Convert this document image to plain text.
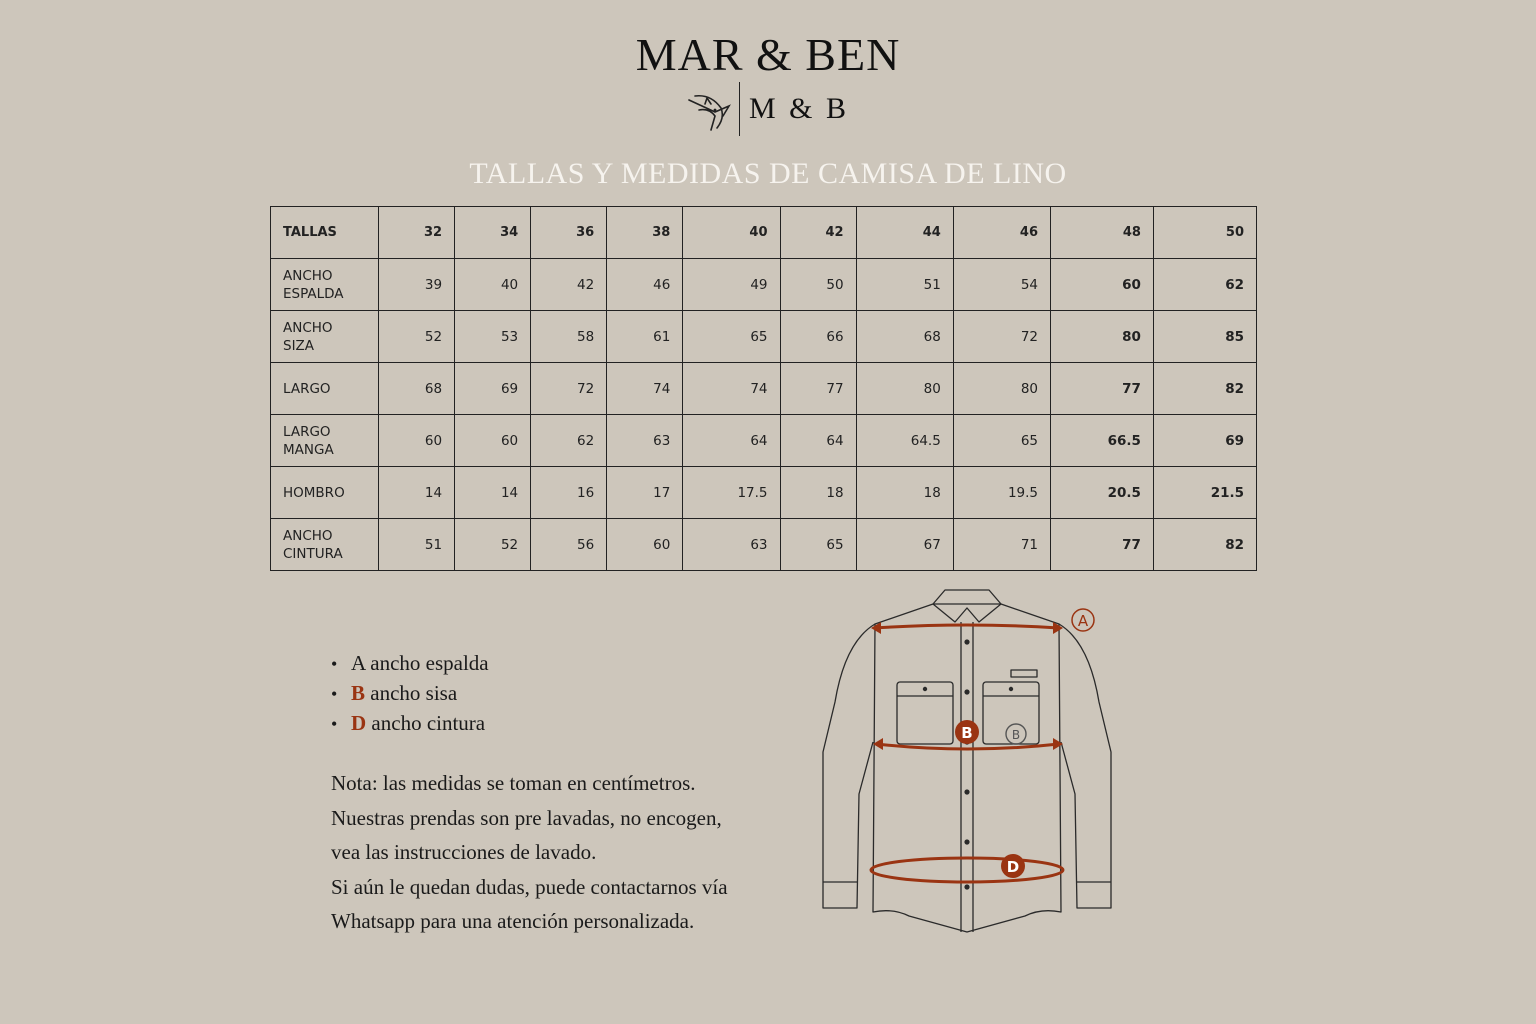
MAR & BEN
M & B
TALLAS Y MEDIDAS DE CAMISA DE LINO
TALLAS	32	34	36	38	40	42	44	46	48	50
ANCHO ESPALDA	39	40	42	46	49	50	51	54	60	62
ANCHO SIZA	52	53	58	61	65	66	68	72	80	85
LARGO	68	69	72	74	74	77	80	80	77	82
LARGO MANGA	60	60	62	63	64	64	64.5	65	66.5	69
HOMBRO	14	14	16	17	17.5	18	18	19.5	20.5	21.5
ANCHO CINTURA	51	52	56	60	63	65	67	71	77	82
• A ancho espalda
• B ancho sisa
• D ancho cintura
Nota: las medidas se toman en centímetros.
Nuestras prendas son pre lavadas, no encogen,
vea las instrucciones de lavado.
Si aún le quedan dudas, puede contactarnos vía
Whatsapp para una atención personalizada.
A
B	B
D
